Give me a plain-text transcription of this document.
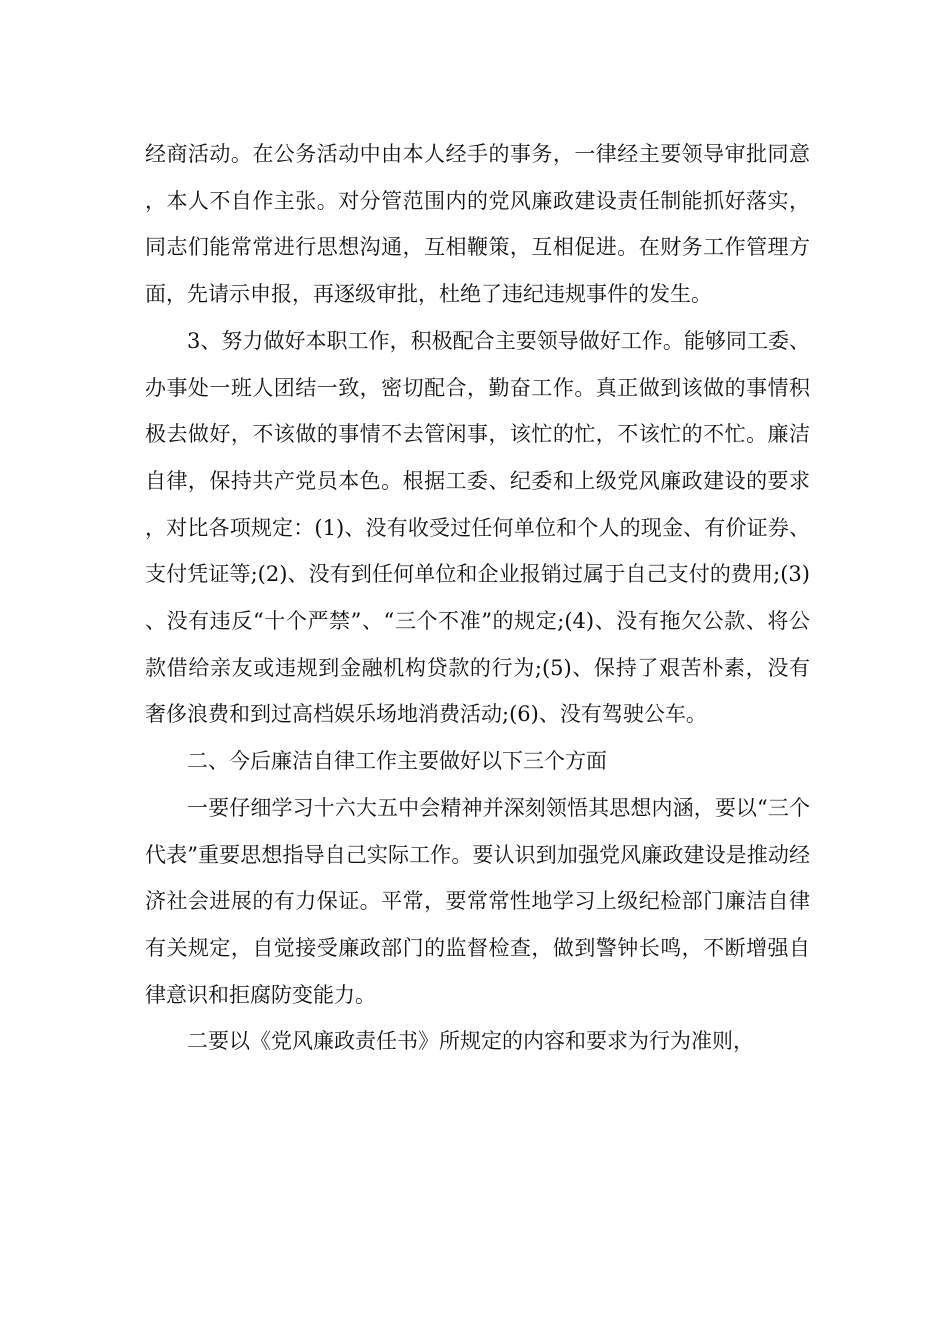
经商活动。在公务活动中由本人经手的事务，一律经主要领导审批同意，本人不自作主张。对分管范围内的党风廉政建设责任制能抓好落实，同志们能常常进行思想沟通，互相鞭策，互相促进。在财务工作管理方面，先请示申报，再逐级审批，杜绝了违纪违规事件的发生。

3、努力做好本职工作，积极配合主要领导做好工作。能够同工委、办事处一班人团结一致，密切配合，勤奋工作。真正做到该做的事情积极去做好，不该做的事情不去管闲事，该忙的忙，不该忙的不忙。廉洁自律，保持共产党员本色。根据工委、纪委和上级党风廉政建设的要求，对比各项规定：(1)、没有收受过任何单位和个人的现金、有价证券、支付凭证等;(2)、没有到任何单位和企业报销过属于自己支付的费用;(3)、没有违反“十个严禁”、“三个不准”的规定;(4)、没有拖欠公款、将公款借给亲友或违规到金融机构贷款的行为;(5)、保持了艰苦朴素，没有奢侈浪费和到过高档娱乐场地消费活动;(6)、没有驾驶公车。

二、今后廉洁自律工作主要做好以下三个方面

一要仔细学习十六大五中会精神并深刻领悟其思想内涵，要以“三个代表”重要思想指导自己实际工作。要认识到加强党风廉政建设是推动经济社会进展的有力保证。平常，要常常性地学习上级纪检部门廉洁自律有关规定，自觉接受廉政部门的监督检查，做到警钟长鸣，不断增强自律意识和拒腐防变能力。

二要以《党风廉政责任书》所规定的内容和要求为行为准则，
